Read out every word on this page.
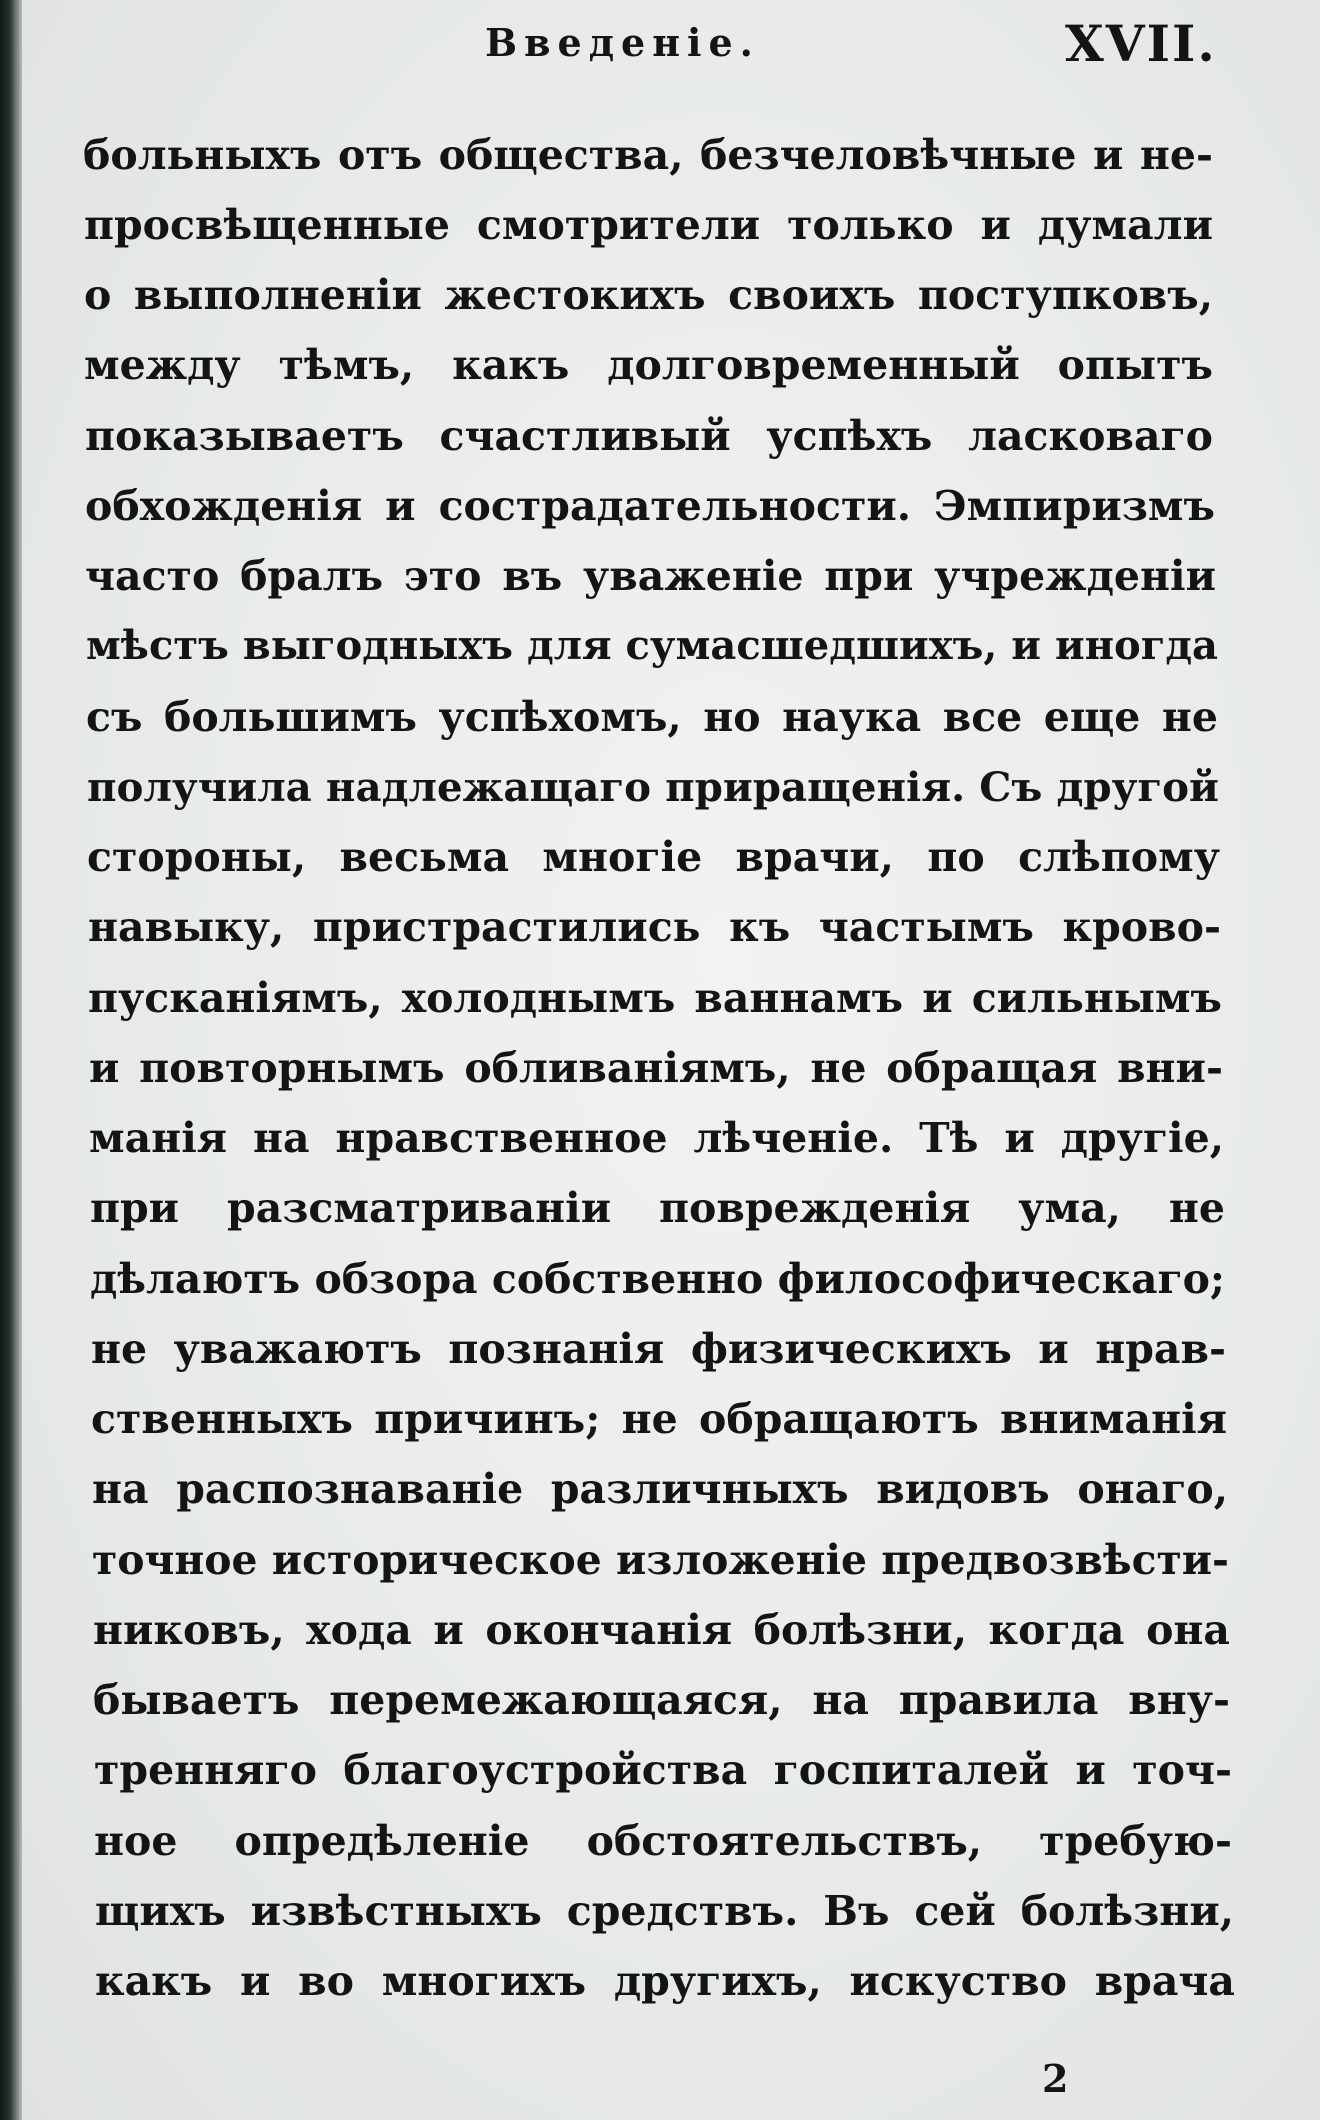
Введеніе.	XVII.
больныхъ отъ общества, безчеловѣчные и не-
просвѣщенные смотрители только и думали
о выполненіи жестокихъ своихъ поступковъ,
между тѣмъ, какъ долговременный опытъ
показываетъ счастливый успѣхъ ласковаго
обхожденія и сострадательности. Эмпиризмъ
часто бралъ это въ уваженіе при учрежденіи
мѣстъ выгодныхъ для сумасшедшихъ, и иногда
съ большимъ успѣхомъ, но наука все еще не
получила надлежащаго приращенія. Съ другой
стороны, весьма многіе врачи, по слѣпому
навыку, пристрастились къ частымъ крово-
пусканіямъ, холоднымъ ваннамъ и сильнымъ
и повторнымъ обливаніямъ, не обращая вни-
манія на нравственное лѣченіе. Тѣ и другіе,
при разсматриваніи поврежденія ума, не
дѣлаютъ обзора собственно философическаго;
не уважаютъ познанія физическихъ и нрав-
ственныхъ причинъ; не обращаютъ вниманія
на распознаваніе различныхъ видовъ онаго,
точное историческое изложеніе предвозвѣсти-
никовъ, хода и окончанія болѣзни, когда она
бываетъ перемежающаяся, на правила вну-
тренняго благоустройства госпиталей и точ-
ное опредѣленіе обстоятельствъ, требую-
щихъ извѣстныхъ средствъ. Въ сей болѣзни,
какъ и во многихъ другихъ, искуство врача
2
